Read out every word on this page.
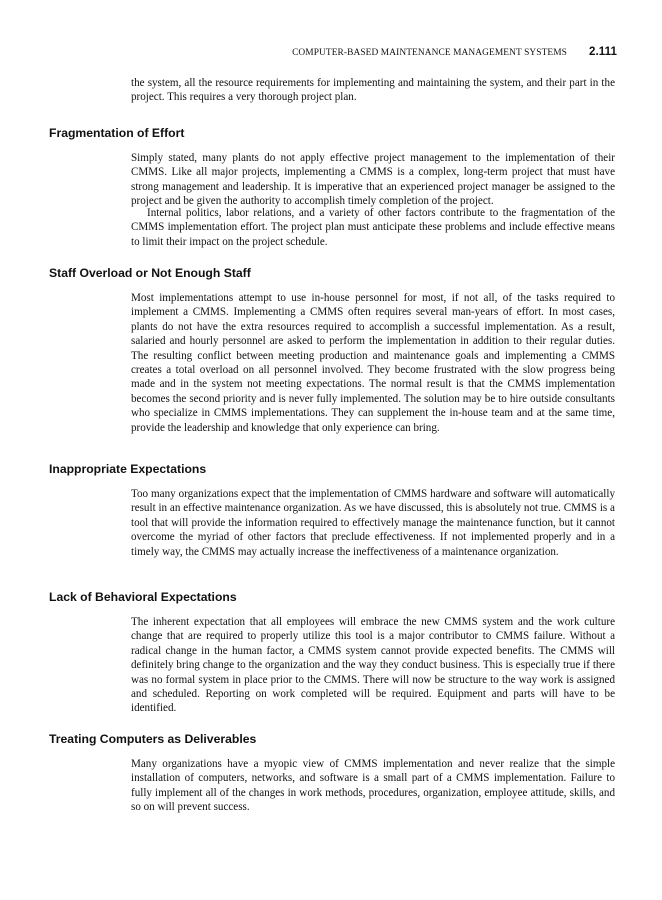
COMPUTER-BASED MAINTENANCE MANAGEMENT SYSTEMS 2.111

the system, all the resource requirements for implementing and maintaining the system, and their part in the project. This requires a very thorough project plan.

Fragmentation of Effort

Simply stated, many plants do not apply effective project management to the implementation of their CMMS. Like all major projects, implementing a CMMS is a complex, long-term project that must have strong management and leadership. It is imperative that an experienced project manager be assigned to the project and be given the authority to accomplish timely completion of the project.

Internal politics, labor relations, and a variety of other factors contribute to the fragmentation of the CMMS implementation effort. The project plan must anticipate these problems and include effective means to limit their impact on the project schedule.

Staff Overload or Not Enough Staff

Most implementations attempt to use in-house personnel for most, if not all, of the tasks required to implement a CMMS. Implementing a CMMS often requires several man-years of effort. In most cases, plants do not have the extra resources required to accomplish a successful implementation. As a result, salaried and hourly personnel are asked to perform the implementation in addition to their regular duties. The resulting conflict between meeting production and maintenance goals and implementing a CMMS creates a total overload on all personnel involved. They become frustrated with the slow progress being made and in the system not meeting expectations. The normal result is that the CMMS implementation becomes the second priority and is never fully implemented. The solution may be to hire outside consultants who specialize in CMMS implementations. They can supplement the in-house team and at the same time, provide the leadership and knowledge that only experience can bring.

Inappropriate Expectations

Too many organizations expect that the implementation of CMMS hardware and software will automatically result in an effective maintenance organization. As we have discussed, this is absolutely not true. CMMS is a tool that will provide the information required to effectively manage the maintenance function, but it cannot overcome the myriad of other factors that preclude effectiveness. If not implemented properly and in a timely way, the CMMS may actually increase the ineffectiveness of a maintenance organization.

Lack of Behavioral Expectations

The inherent expectation that all employees will embrace the new CMMS system and the work culture change that are required to properly utilize this tool is a major contributor to CMMS failure. Without a radical change in the human factor, a CMMS system cannot provide expected benefits. The CMMS will definitely bring change to the organization and the way they conduct business. This is especially true if there was no formal system in place prior to the CMMS. There will now be structure to the way work is assigned and scheduled. Reporting on work completed will be required. Equipment and parts will have to be identified.

Treating Computers as Deliverables

Many organizations have a myopic view of CMMS implementation and never realize that the simple installation of computers, networks, and software is a small part of a CMMS implementation. Failure to fully implement all of the changes in work methods, procedures, organization, employee attitude, skills, and so on will prevent success.
